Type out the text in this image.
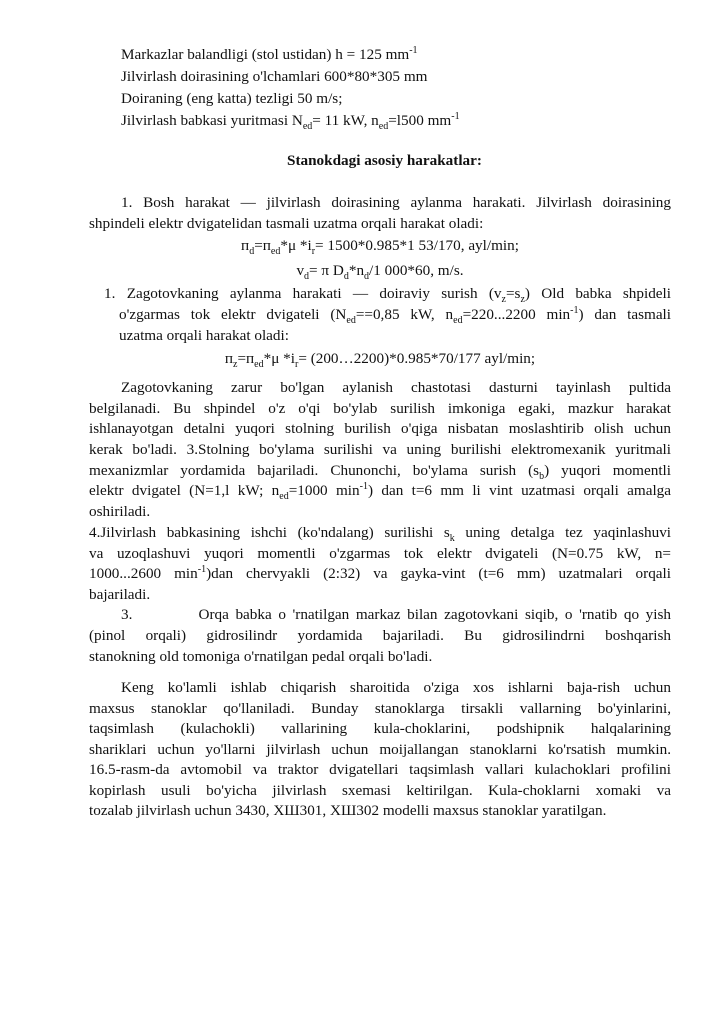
Markazlar balandligi (stol ustidan) h = 125 $mm^{-1}$
Jilvirlash doirasining o'lchamlari 600*80*305 mm
Doiraning (eng katta) tezligi 50 m/s;
Jilvirlash babkasi yuritmasi $N_{ed}= 11$ kW, $n_{ed}=l500$ $mm^{-1}$
Stanokdagi asosiy harakatlar:
1. Bosh harakat — jilvirlash doirasining aylanma harakati. Jilvirlash doirasining
shpindeli elektr dvigatelidan tasmali uzatma orqali harakat oladi:
$п_d=п_{ed}*\mu$ $*i_r= 1500*0.985*1$ 53/170, ayl/min;
$v_d= \pi$ $D_d*n_d/1$ 000*60, m/s.
1. Zagotovkaning aylanma harakati — doiraviy surish $(v_z=s_z)$ Old babka shpideli
o'zgarmas tok elektr dvigateli ($N_{ed}==0,85$ kW, $n_{ed}=220...2200$ $\min^{-1}$) dan tasmali
uzatma orqali harakat oladi:
$п_z=п_{ed}*\mu$ $*i_r=$ (200…2200)*0.985*70/177 ayl/min;
Zagotovkaning zarur bo'lgan aylanish chastotasi dasturni tayinlash pultida
belgilanadi. Bu shpindel o'z o'qi bo'ylab surilish imkoniga egaki, mazkur harakat
ishlanayotgan detalni yuqori stolning burilish o'qiga nisbatan moslashtirib olish uchun
kerak bo'ladi. 3.Stolning bo'ylama surilishi va uning burilishi elektromexanik yuritmali
mexanizmlar yordamida bajariladi. Chunonchi, bo'ylama surish $(s_b)$ yuqori momentli
elektr dvigatel (N=1,l kW; $n_{ed}=1000$ $\min^{-1}$) dan t=6 mm li vint uzatmasi orqali amalga
oshiriladi.
4.Jilvirlash babkasining ishchi (ko'ndalang) surilishi $s_k$ uning detalga tez yaqinlashuvi
va uzoqlashuvi yuqori momentli o'zgarmas tok elektr dvigateli (N=0.75 kW, n=
1000...2600 $\min^{-1})dan$ chervyakli (2:32) va gayka-vint (t=6 mm) uzatmalari orqali
bajariladi.
3.          Orqa babka o 'rnatilgan markaz bilan zagotovkani siqib, o 'rnatib qo yish
(pinol orqali) gidrosilindr yordamida bajariladi. Bu gidrosilindrni boshqarish
stanokning old tomoniga o'rnatilgan pedal orqali bo'ladi.
Keng ko'lamli ishlab chiqarish sharoitida o'ziga xos ishlarni baja-rish uchun
maxsus stanoklar qo'llaniladi. Bunday stanoklarga tirsakli vallarning bo'yinlarini,
taqsimlash (kulachokli) vallarining kula-choklarini, podshipnik halqalarining
shariklari uchun yo'llarni jilvirlash uchun moijallangan stanoklarni ko'rsatish mumkin.
16.5-rasm-da avtomobil va traktor dvigatellari taqsimlash vallari kulachoklari profilini
kopirlash usuli bo'yicha jilvirlash sxemasi keltirilgan. Kula-choklarni xomaki va
tozalab jilvirlash uchun 3430, ХШ301, ХШ302 modelli maxsus stanoklar yaratilgan.
